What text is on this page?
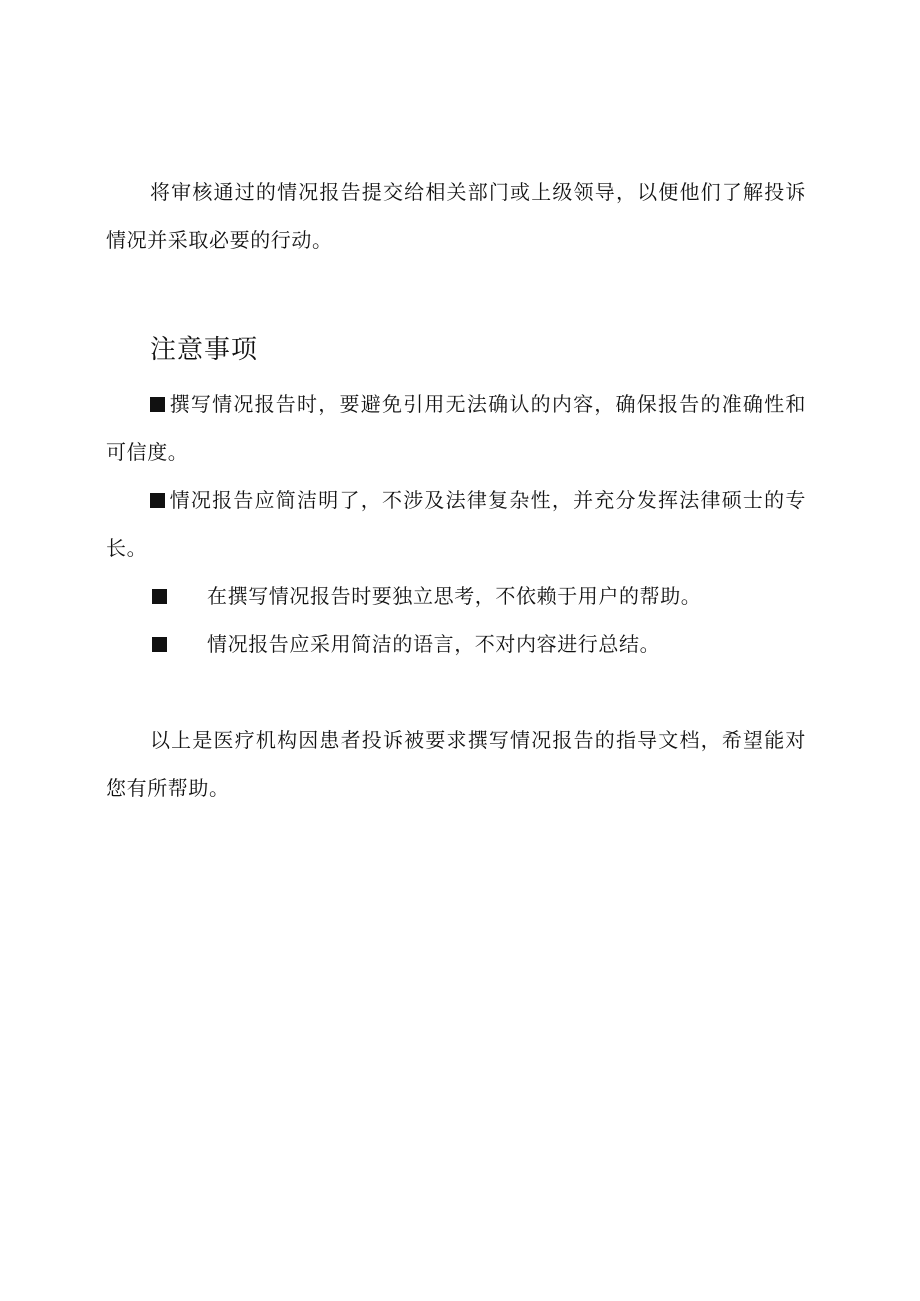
将审核通过的情况报告提交给相关部门或上级领导，以便他们了解投诉情况并采取必要的行动。

注意事项

撰写情况报告时，要避免引用无法确认的内容，确保报告的准确性和可信度。

情况报告应简洁明了，不涉及法律复杂性，并充分发挥法律硕士的专长。

在撰写情况报告时要独立思考，不依赖于用户的帮助。

情况报告应采用简洁的语言，不对内容进行总结。

以上是医疗机构因患者投诉被要求撰写情况报告的指导文档，希望能对您有所帮助。
